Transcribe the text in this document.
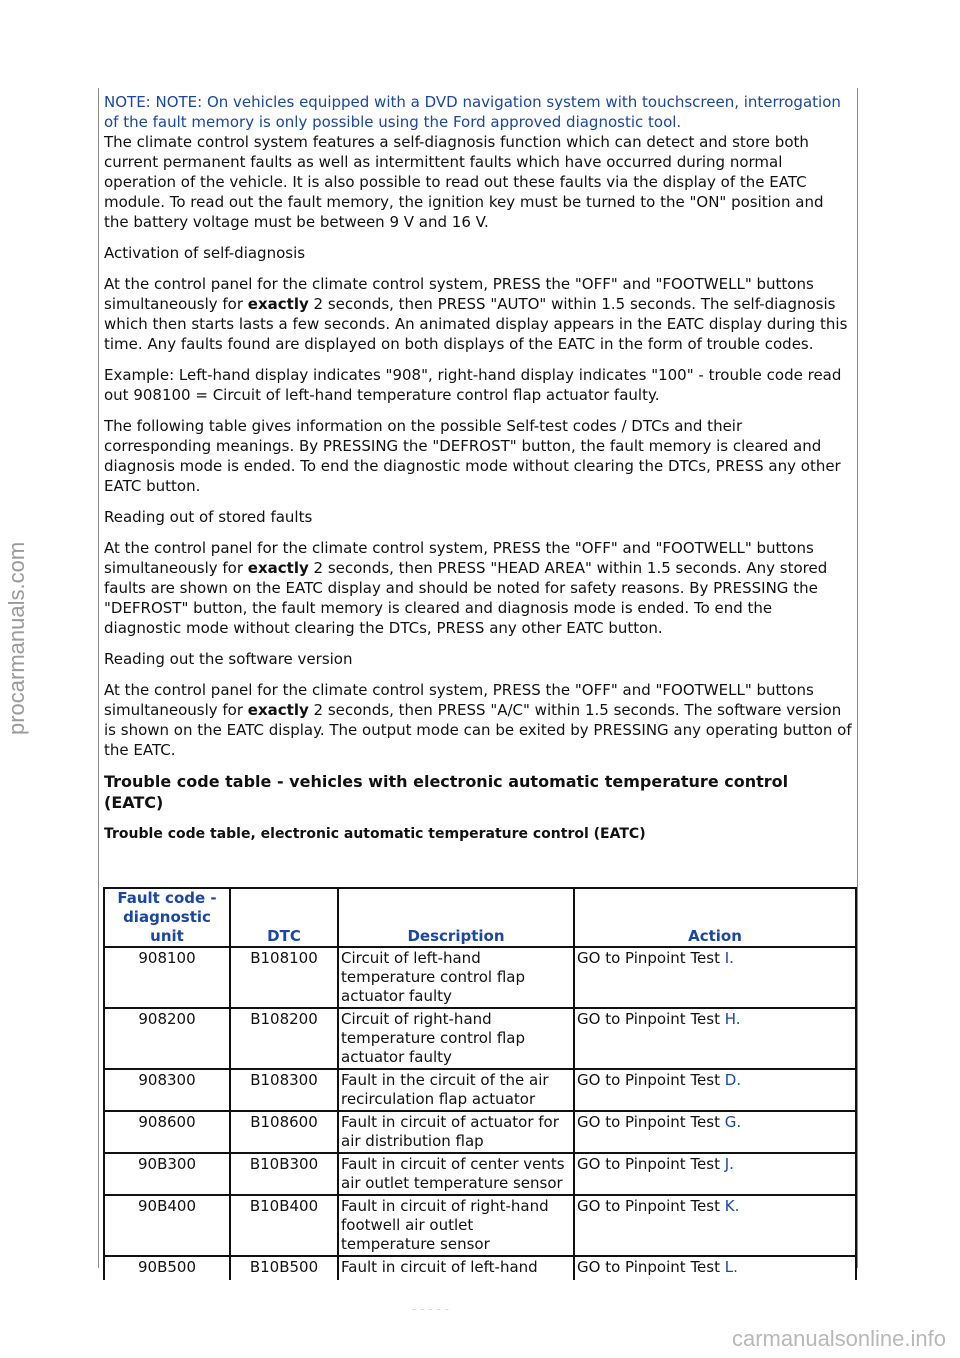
NOTE: NOTE: On vehicles equipped with a DVD navigation system with touchscreen, interrogation of the fault memory is only possible using the Ford approved diagnostic tool.

The climate control system features a self-diagnosis function which can detect and store both current permanent faults as well as intermittent faults which have occurred during normal operation of the vehicle. It is also possible to read out these faults via the display of the EATC module. To read out the fault memory, the ignition key must be turned to the "ON" position and the battery voltage must be between 9 V and 16 V.

Activation of self-diagnosis

At the control panel for the climate control system, PRESS the "OFF" and "FOOTWELL" buttons simultaneously for exactly 2 seconds, then PRESS "AUTO" within 1.5 seconds. The self-diagnosis which then starts lasts a few seconds. An animated display appears in the EATC display during this time. Any faults found are displayed on both displays of the EATC in the form of trouble codes.

Example: Left-hand display indicates "908", right-hand display indicates "100" - trouble code read out 908100 = Circuit of left-hand temperature control flap actuator faulty.

The following table gives information on the possible Self-test codes / DTCs and their corresponding meanings. By PRESSING the "DEFROST" button, the fault memory is cleared and diagnosis mode is ended. To end the diagnostic mode without clearing the DTCs, PRESS any other EATC button.

Reading out of stored faults

At the control panel for the climate control system, PRESS the "OFF" and "FOOTWELL" buttons simultaneously for exactly 2 seconds, then PRESS "HEAD AREA" within 1.5 seconds. Any stored faults are shown on the EATC display and should be noted for safety reasons. By PRESSING the "DEFROST" button, the fault memory is cleared and diagnosis mode is ended. To end the diagnostic mode without clearing the DTCs, PRESS any other EATC button.

Reading out the software version

At the control panel for the climate control system, PRESS the "OFF" and "FOOTWELL" buttons simultaneously for exactly 2 seconds, then PRESS "A/C" within 1.5 seconds. The software version is shown on the EATC display. The output mode can be exited by PRESSING any operating button of the EATC.

Trouble code table - vehicles with electronic automatic temperature control (EATC)
Trouble code table, electronic automatic temperature control (EATC)
Fault code - diagnostic unit	DTC	Description	Action
908100	B108100	Circuit of left-hand temperature control flap actuator faulty	GO to Pinpoint Test I.
908200	B108200	Circuit of right-hand temperature control flap actuator faulty	GO to Pinpoint Test H.
908300	B108300	Fault in the circuit of the air recirculation flap actuator	GO to Pinpoint Test D.
908600	B108600	Fault in circuit of actuator for air distribution flap	GO to Pinpoint Test G.
90B300	B10B300	Fault in circuit of center vents air outlet temperature sensor	GO to Pinpoint Test J.
90B400	B10B400	Fault in circuit of right-hand footwell air outlet temperature sensor	GO to Pinpoint Test K.
90B500	B10B500	Fault in circuit of left-hand	GO to Pinpoint Test L.
- - - - -
procarmanuals.com
carmanualsonline.info
